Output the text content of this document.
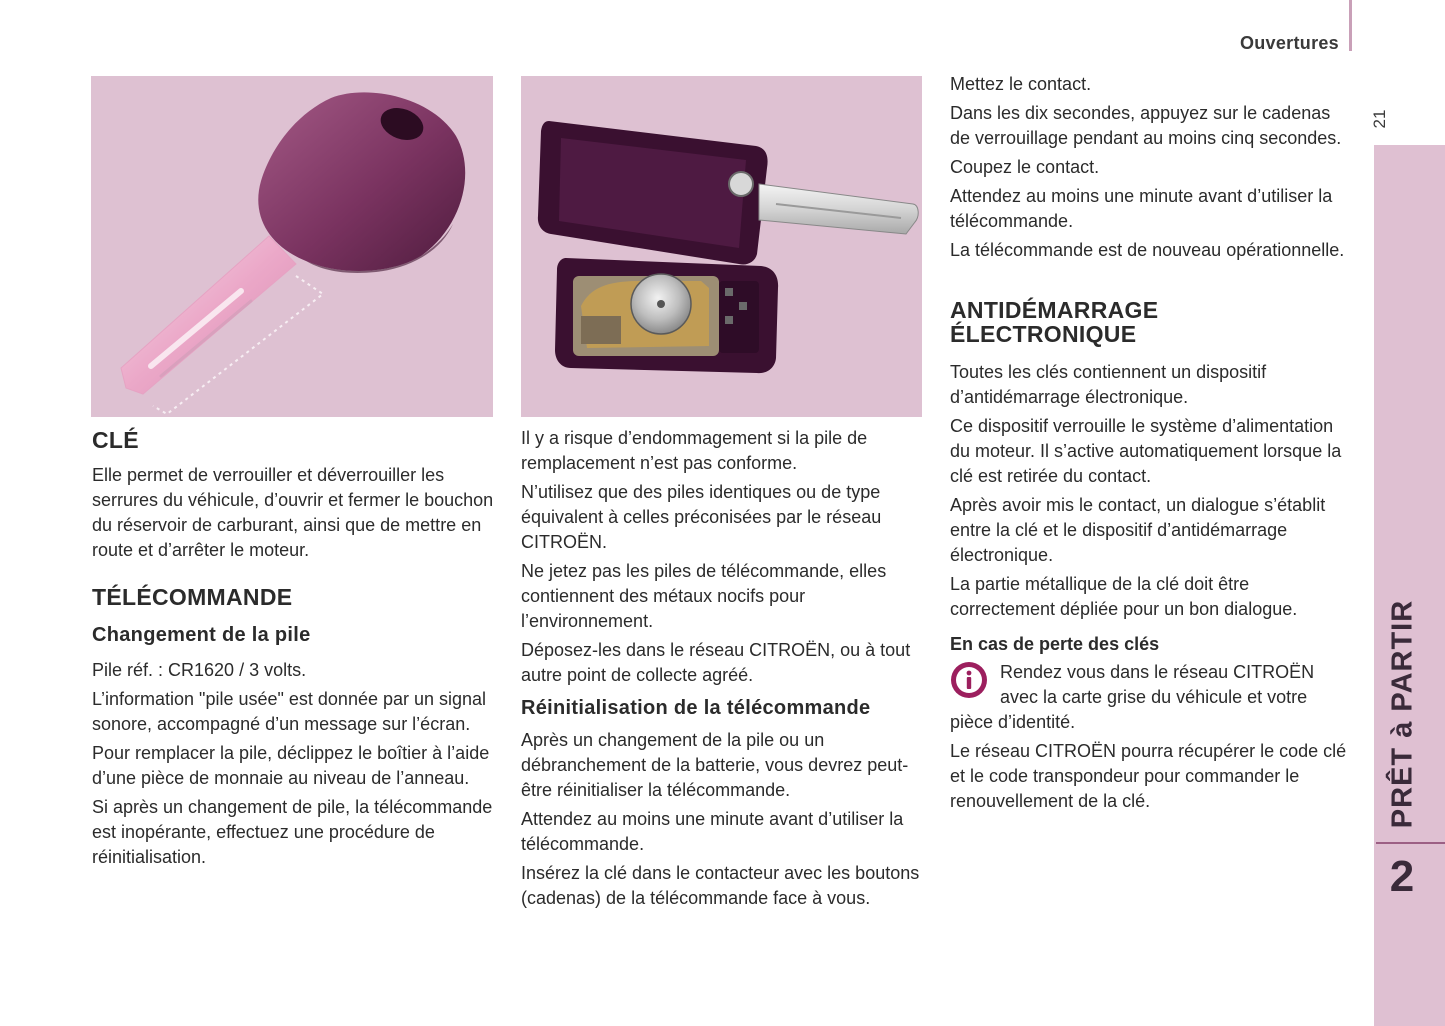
Ouvertures
21
PRÊT à PARTIR
2
CLÉ

Elle permet de verrouiller et déverrouiller les serrures du véhicule, d’ouvrir et fermer le bouchon du réservoir de carburant, ainsi que de mettre en route et d’arrêter le moteur.

TÉLÉCOMMANDE
Changement de la pile

Pile réf. : CR1620 / 3 volts.

L’information "pile usée" est donnée par un signal sonore, accompagné d’un message sur l’écran.

Pour remplacer la pile, déclippez le boîtier à l’aide d’une pièce de monnaie au niveau de l’anneau.

Si après un changement de pile, la télécommande est inopérante, effectuez une procédure de réinitialisation.

Il y a risque d’endommagement si la pile de remplacement n’est pas conforme.

N’utilisez que des piles identiques ou de type équivalent à celles préconisées par le réseau CITROËN.

Ne jetez pas les piles de télécommande, elles contiennent des métaux nocifs pour l’environnement.

Déposez-les dans le réseau CITROËN, ou à tout autre point de collecte agréé.

Réinitialisation de la télécommande

Après un changement de la pile ou un débranchement de la batterie, vous devrez peut-être réinitialiser la télécommande.

Attendez au moins une minute avant d’utiliser la télécommande.

Insérez la clé dans le contacteur avec les boutons (cadenas) de la télécommande face à vous.

Mettez le contact.

Dans les dix secondes, appuyez sur le cadenas de verrouillage pendant au moins cinq secondes.

Coupez le contact.

Attendez au moins une minute avant d’utiliser la télécommande.

La télécommande est de nouveau opérationnelle.

ANTIDÉMARRAGE
ÉLECTRONIQUE

Toutes les clés contiennent un dispositif d’antidémarrage électronique.

Ce dispositif verrouille le système d’alimentation du moteur. Il s’active automatiquement lorsque la clé est retirée du contact.

Après avoir mis le contact, un dialogue s’établit entre la clé et le dispositif d’antidémarrage électronique.

La partie métallique de la clé doit être correctement dépliée pour un bon dialogue.

En cas de perte des clés

Rendez vous dans le réseau CITROËN avec la carte grise du véhicule et votre pièce d’identité.

Le réseau CITROËN pourra récupérer le code clé et le code transpondeur pour commander le renouvellement de la clé.
